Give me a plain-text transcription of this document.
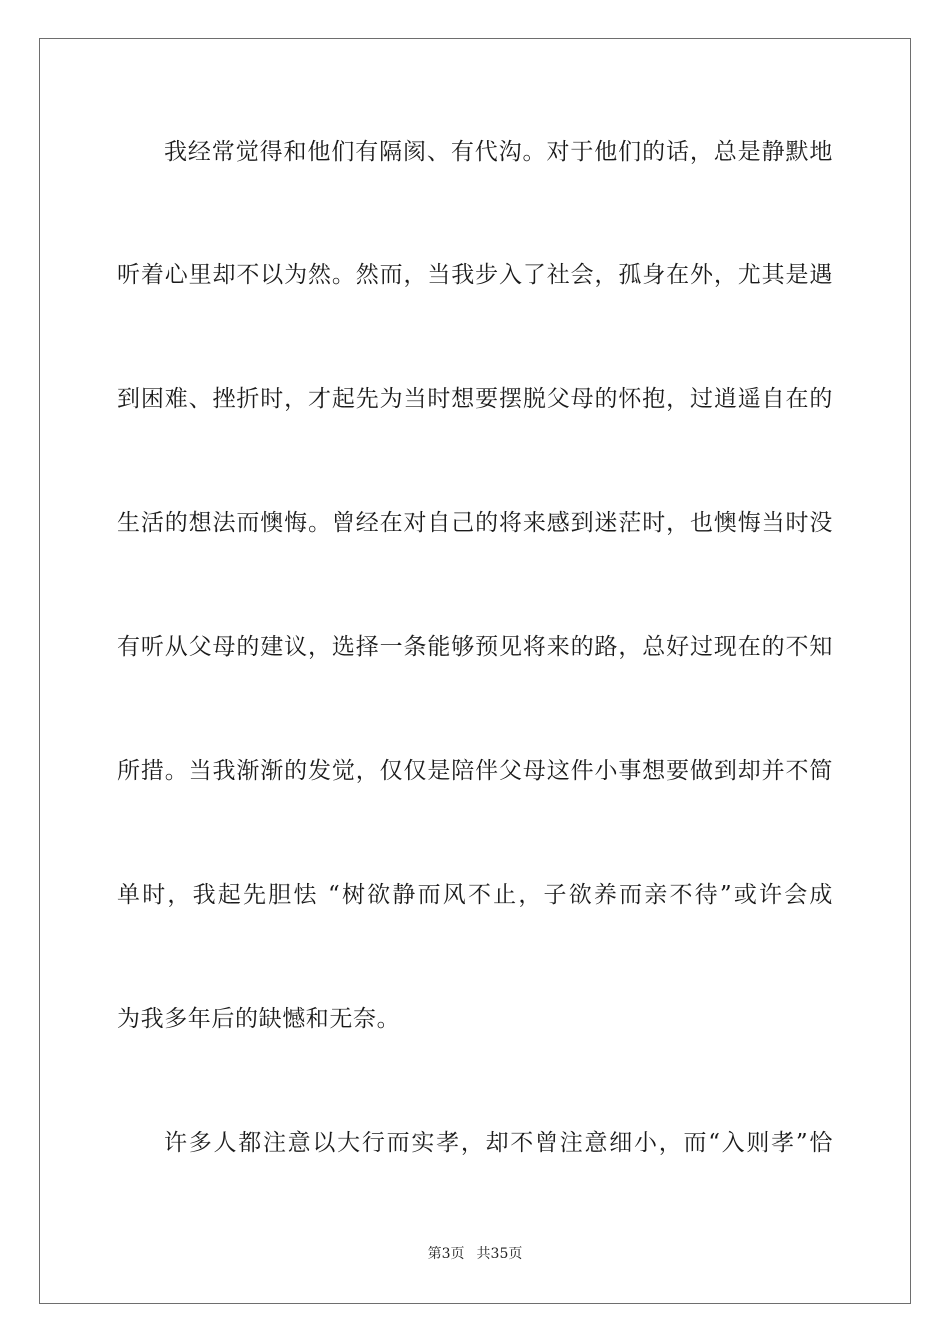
我经常觉得和他们有隔阂、有代沟。对于他们的话，总是静默地
听着心里却不以为然。然而，当我步入了社会，孤身在外，尤其是遇
到困难、挫折时，才起先为当时想要摆脱父母的怀抱，过逍遥自在的
生活的想法而懊悔。曾经在对自己的将来感到迷茫时，也懊悔当时没
有听从父母的建议，选择一条能够预见将来的路，总好过现在的不知
所措。当我渐渐的发觉，仅仅是陪伴父母这件小事想要做到却并不简
单时，我起先胆怯 “树欲静而风不止，子欲养而亲不待”或许会成
为我多年后的缺憾和无奈。
许多人都注意以大行而实孝，却不曾注意细小，而“入则孝”恰
第3页 共35页
